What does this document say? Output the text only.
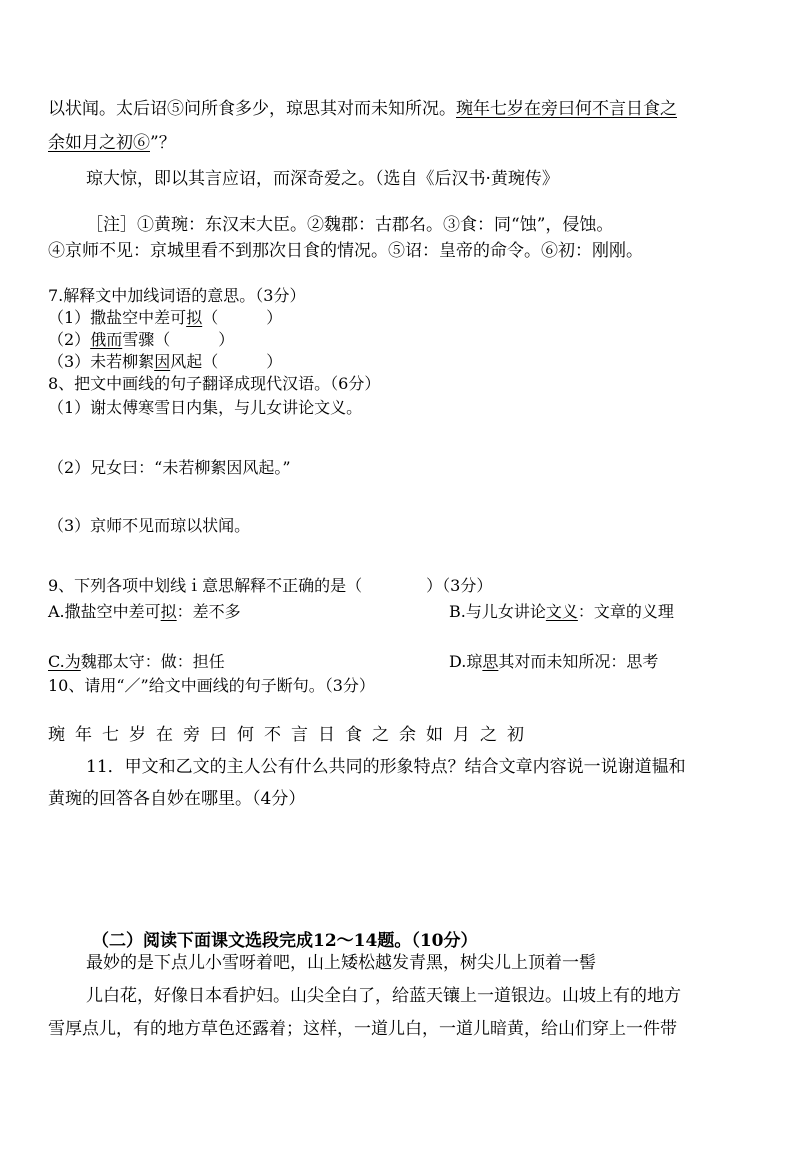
以状闻。太后诏⑤问所食多少，琼思其对而未知所况。琬年七岁在旁曰何不言日食之
余如月之初⑥”？
琼大惊，即以其言应诏，而深奇爱之。（选自《后汉书·黄琬传》
［注］①黄琬：东汉末大臣。②魏郡：古郡名。③食：同“蚀”，侵蚀。
④京师不见：京城里看不到那次日食的情况。⑤诏：皇帝的命令。⑥初：刚刚。
7.解释文中加线词语的意思。（3分）
（1）撒盐空中差可拟（　　　）
（2）俄而雪骤（　　　）
（3）未若柳絮因风起（　　　）
8、把文中画线的句子翻译成现代汉语。（6分）
（1）谢太傅寒雪日内集，与儿女讲论文义。
（2）兄女曰：“未若柳絮因风起。”
（3）京师不见而琼以状闻。
9、下列各项中划线ｉ意思解释不正确的是（　　　　）（3分）
A.撒盐空中差可拟：差不多	B.与儿女讲论文义：文章的义理
C.为魏郡太守：做：担任	D.琼思其对而未知所况：思考
10、请用“／”给文中画线的句子断句。（3分）
琬年七岁在旁曰何不言日食之余如月之初
11．甲文和乙文的主人公有什么共同的形象特点？结合文章内容说一说谢道韫和
黄琬的回答各自妙在哪里。（4分）
（二）阅读下面课文选段完成12～14题。（10分）
最妙的是下点儿小雪呀着吧，山上矮松越发青黑，树尖儿上顶着一髻
儿白花，好像日本看护妇。山尖全白了，给蓝天镶上一道银边。山坡上有的地方
雪厚点儿，有的地方草色还露着；这样，一道儿白，一道儿暗黄，给山们穿上一件带
